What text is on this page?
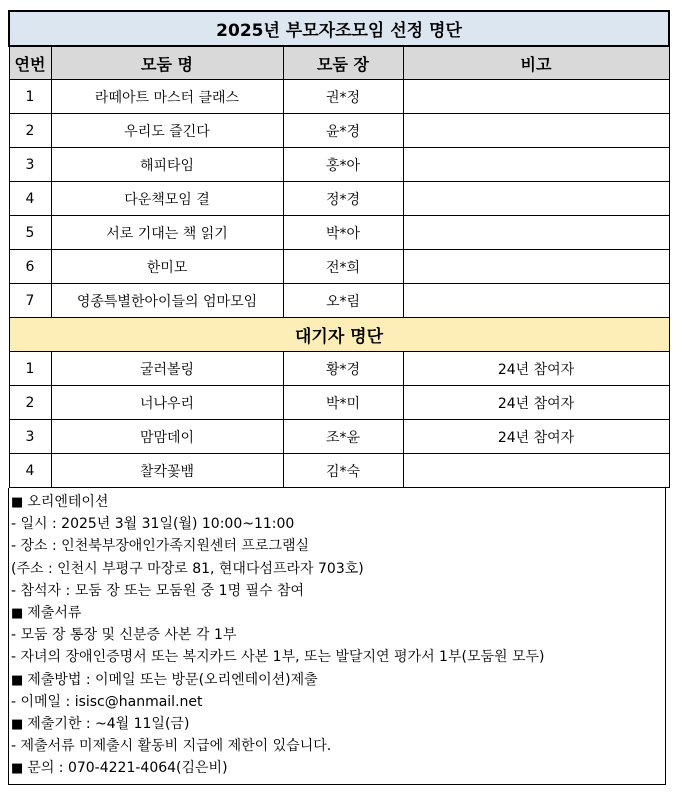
2025년 부모자조모임 선정 명단			
연번	모둠 명	모둠 장	비고
1	라떼아트 마스터 클래스	권*정	
2	우리도 즐긴다	윤*경	
3	해피타임	홍*아	
4	다운책모임 결	정*경	
5	서로 기대는 책 읽기	박*아	
6	한미모	전*희	
7	영종특별한아이들의 엄마모임	오*림	
대기자 명단			
1	굴러볼링	황*경	24년 참여자
2	너나우리	박*미	24년 참여자
3	맘맘데이	조*윤	24년 참여자
4	찰칵꽃뱀	김*숙	
■ 오리엔테이션
- 일시 : 2025년 3월 31일(월) 10:00~11:00
- 장소 : 인천북부장애인가족지원센터 프로그램실
(주소 : 인천시 부평구 마장로 81, 현대다섬프라자 703호)
- 참석자 : 모둠 장 또는 모둠원 중 1명 필수 참여
■ 제출서류
- 모둠 장 통장 및 신분증 사본 각 1부
- 자녀의 장애인증명서 또는 복지카드 사본 1부, 또는 발달지연 평가서 1부(모둠원 모두)
■ 제출방법 : 이메일 또는 방문(오리엔테이션)제출
- 이메일 : isisc@hanmail.net
■ 제출기한 : ~4월 11일(금)
- 제출서류 미제출시 활동비 지급에 제한이 있습니다.
■ 문의 : 070-4221-4064(김은비)
